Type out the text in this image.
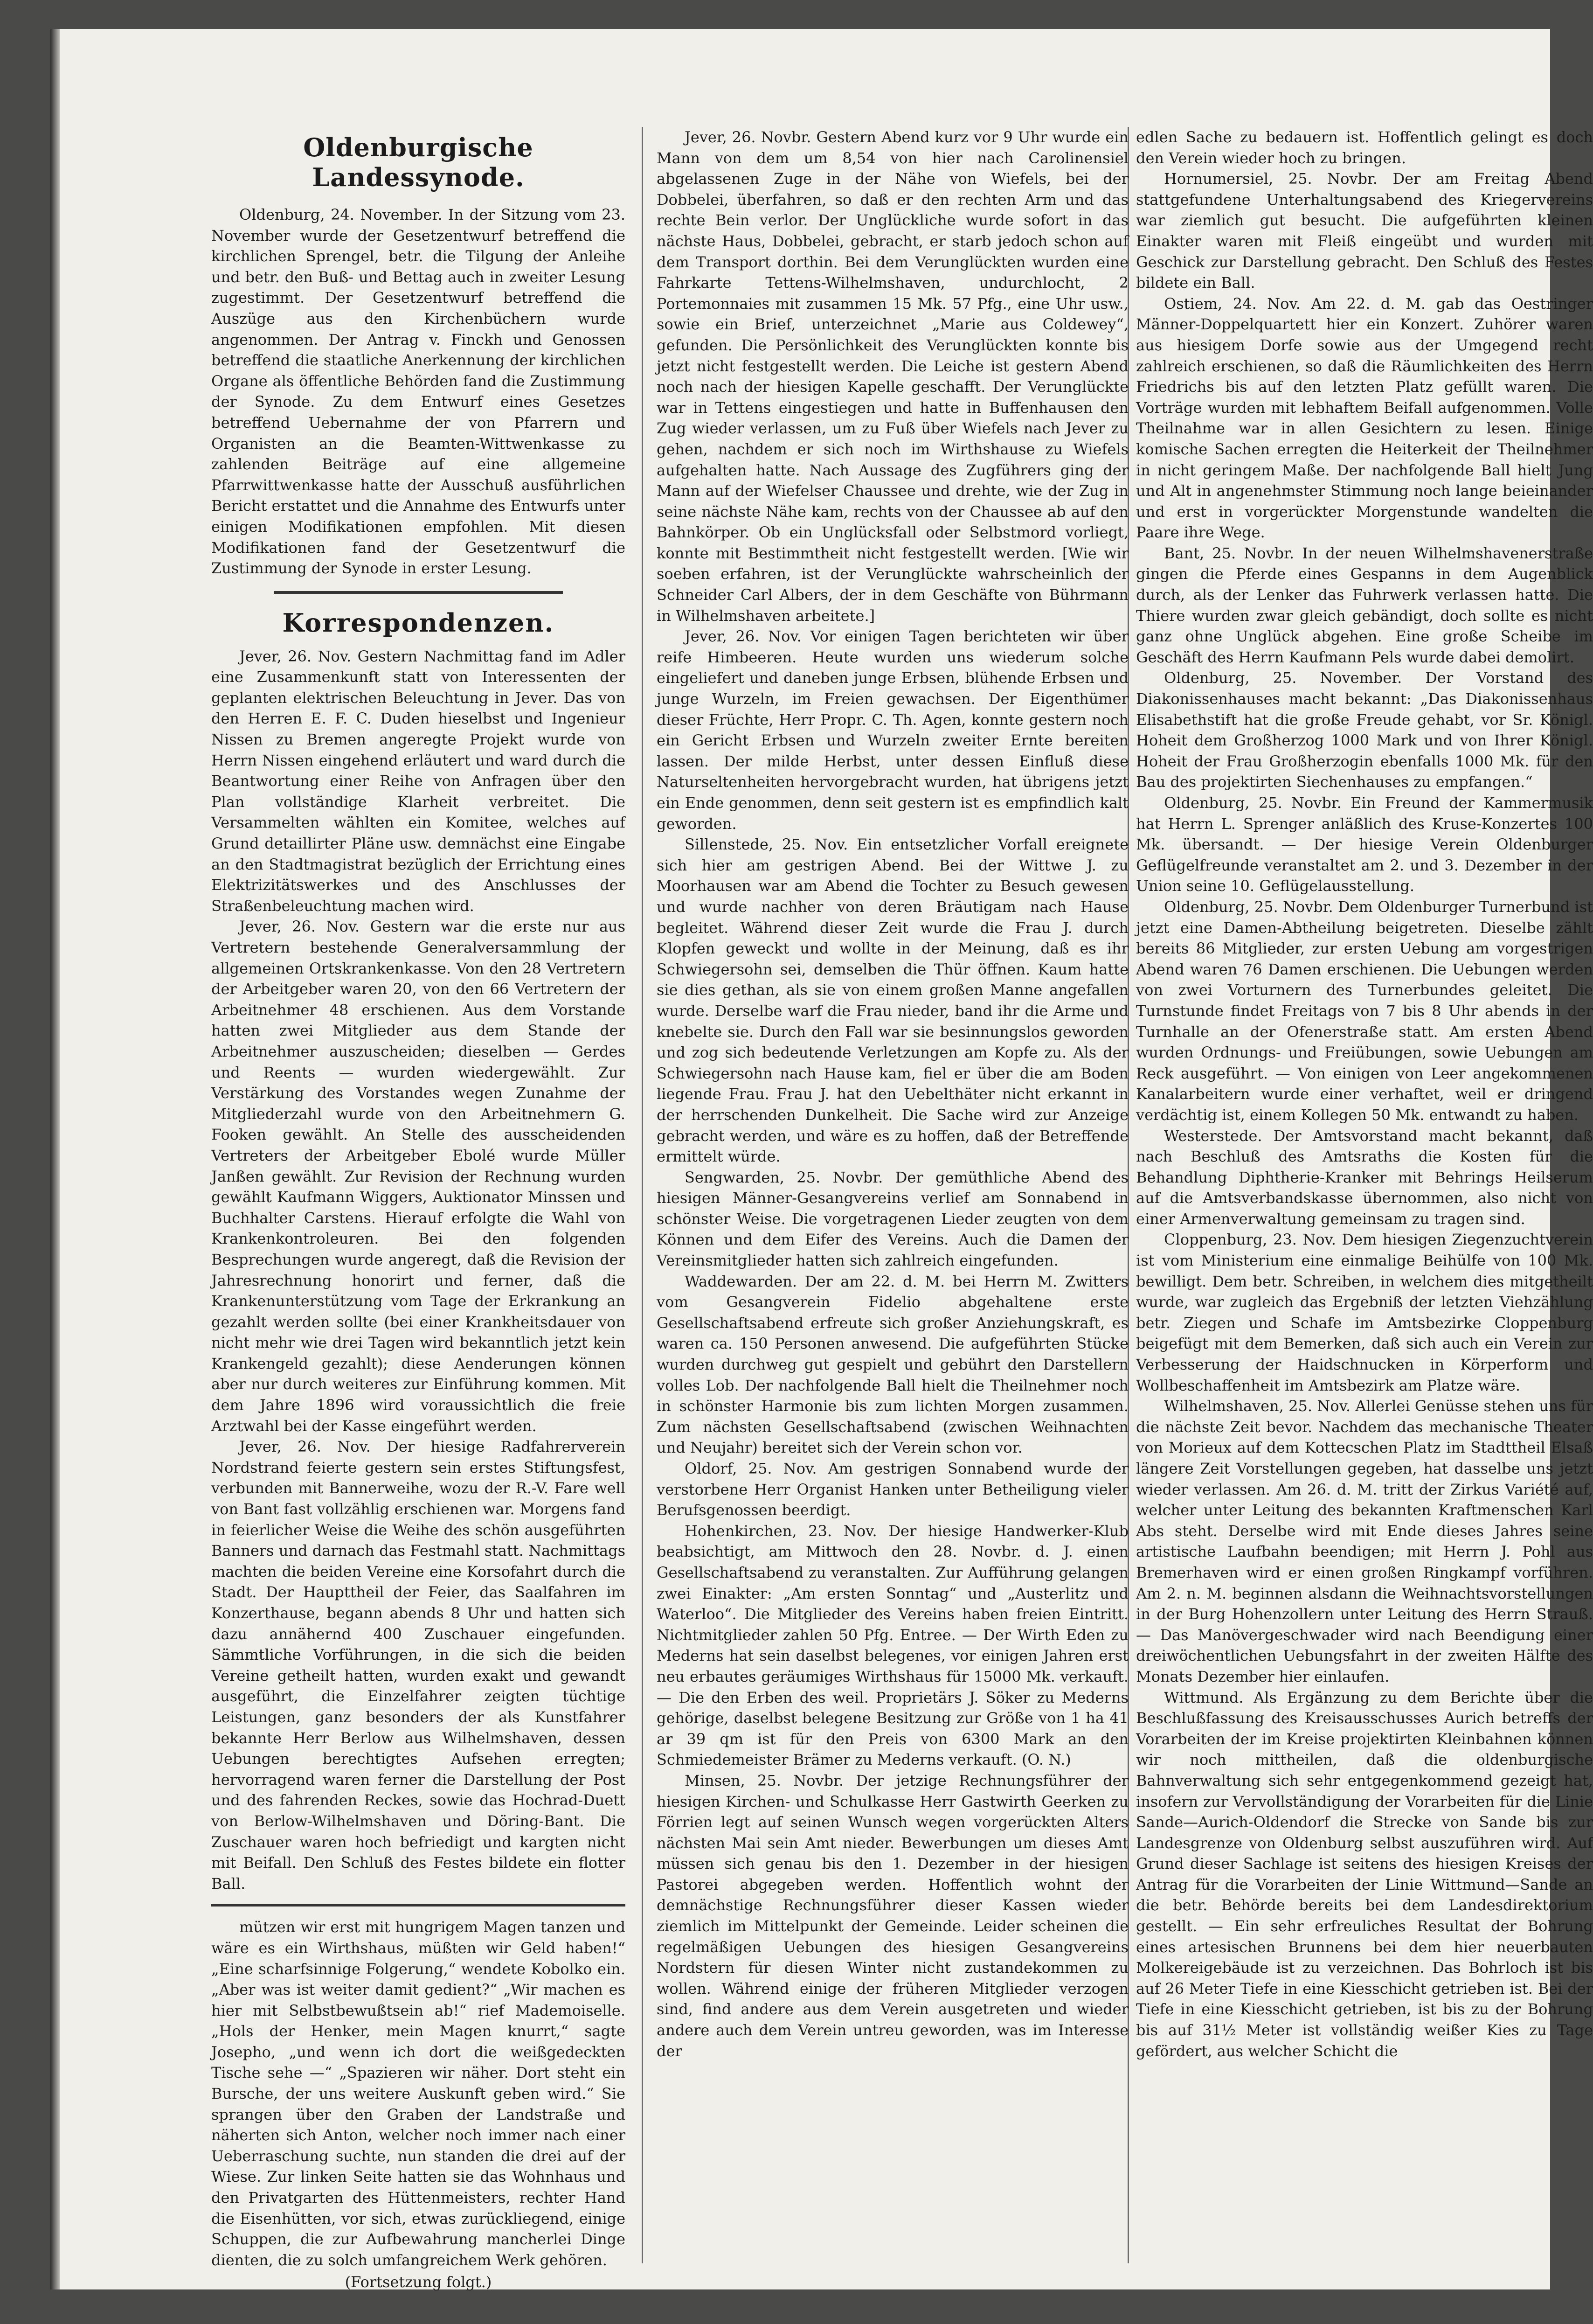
Oldenburgische Landessynode.

Oldenburg, 24. November. In der Sitzung vom 23. November wurde der Gesetzentwurf betreffend die kirchlichen Sprengel, betr. die Tilgung der Anleihe und betr. den Buß- und Bettag auch in zweiter Lesung zugestimmt. Der Gesetzentwurf betreffend die Auszüge aus den Kirchenbüchern wurde angenommen. Der Antrag v. Finckh und Genossen betreffend die staatliche Anerkennung der kirchlichen Organe als öffentliche Behörden fand die Zustimmung der Synode. Zu dem Entwurf eines Gesetzes betreffend Uebernahme der von Pfarrern und Organisten an die Beamten-Wittwenkasse zu zahlenden Beiträge auf eine allgemeine Pfarrwittwenkasse hatte der Ausschuß ausführlichen Bericht erstattet und die Annahme des Entwurfs unter einigen Modifikationen empfohlen. Mit diesen Modifikationen fand der Gesetzentwurf die Zustimmung der Synode in erster Lesung.

Korrespondenzen.

Jever, 26. Nov. Gestern Nachmittag fand im Adler eine Zusammenkunft statt von Interessenten der geplanten elektrischen Beleuchtung in Jever. Das von den Herren E. F. C. Duden hieselbst und Ingenieur Nissen zu Bremen angeregte Projekt wurde von Herrn Nissen eingehend erläutert und ward durch die Beantwortung einer Reihe von Anfragen über den Plan vollständige Klarheit verbreitet. Die Versammelten wählten ein Komitee, welches auf Grund detaillirter Pläne usw. demnächst eine Eingabe an den Stadtmagistrat bezüglich der Errichtung eines Elektrizitätswerkes und des Anschlusses der Straßenbeleuchtung machen wird.

Jever, 26. Nov. Gestern war die erste nur aus Vertretern bestehende Generalversammlung der allgemeinen Ortskrankenkasse. Von den 28 Vertretern der Arbeitgeber waren 20, von den 66 Vertretern der Arbeitnehmer 48 erschienen. Aus dem Vorstande hatten zwei Mitglieder aus dem Stande der Arbeitnehmer auszuscheiden; dieselben — Gerdes und Reents — wurden wiedergewählt. Zur Verstärkung des Vorstandes wegen Zunahme der Mitgliederzahl wurde von den Arbeitnehmern G. Fooken gewählt. An Stelle des ausscheidenden Vertreters der Arbeitgeber Ebolé wurde Müller Janßen gewählt. Zur Revision der Rechnung wurden gewählt Kaufmann Wiggers, Auktionator Minssen und Buchhalter Carstens. Hierauf erfolgte die Wahl von Krankenkontroleuren. Bei den folgenden Besprechungen wurde angeregt, daß die Revision der Jahresrechnung honorirt und ferner, daß die Krankenunterstützung vom Tage der Erkrankung an gezahlt werden sollte (bei einer Krankheitsdauer von nicht mehr wie drei Tagen wird bekanntlich jetzt kein Krankengeld gezahlt); diese Aenderungen können aber nur durch weiteres zur Einführung kommen. Mit dem Jahre 1896 wird voraussichtlich die freie Arztwahl bei der Kasse eingeführt werden.

Jever, 26. Nov. Der hiesige Radfahrerverein Nordstrand feierte gestern sein erstes Stiftungsfest, verbunden mit Bannerweihe, wozu der R.-V. Fare well von Bant fast vollzählig erschienen war. Morgens fand in feierlicher Weise die Weihe des schön ausgeführten Banners und darnach das Festmahl statt. Nachmittags machten die beiden Vereine eine Korsofahrt durch die Stadt. Der Haupttheil der Feier, das Saalfahren im Konzerthause, begann abends 8 Uhr und hatten sich dazu annähernd 400 Zuschauer eingefunden. Sämmtliche Vorführungen, in die sich die beiden Vereine getheilt hatten, wurden exakt und gewandt ausgeführt, die Einzelfahrer zeigten tüchtige Leistungen, ganz besonders der als Kunstfahrer bekannte Herr Berlow aus Wilhelmshaven, dessen Uebungen berechtigtes Aufsehen erregten; hervorragend waren ferner die Darstellung der Post und des fahrenden Reckes, sowie das Hochrad-Duett von Berlow-Wilhelmshaven und Döring-Bant. Die Zuschauer waren hoch befriedigt und kargten nicht mit Beifall. Den Schluß des Festes bildete ein flotter Ball.

mützen wir erst mit hungrigem Magen tanzen und wäre es ein Wirthshaus, müßten wir Geld haben!“ „Eine scharfsinnige Folgerung,“ wendete Kobolko ein. „Aber was ist weiter damit gedient?“ „Wir machen es hier mit Selbstbewußtsein ab!“ rief Mademoiselle. „Hols der Henker, mein Magen knurrt,“ sagte Josepho, „und wenn ich dort die weißgedeckten Tische sehe —“ „Spazieren wir näher. Dort steht ein Bursche, der uns weitere Auskunft geben wird.“ Sie sprangen über den Graben der Landstraße und näherten sich Anton, welcher noch immer nach einer Ueberraschung suchte, nun standen die drei auf der Wiese. Zur linken Seite hatten sie das Wohnhaus und den Privatgarten des Hüttenmeisters, rechter Hand die Eisenhütten, vor sich, etwas zurückliegend, einige Schuppen, die zur Aufbewahrung mancherlei Dinge dienten, die zu solch umfangreichem Werk gehören.

(Fortsetzung folgt.)

Jever, 26. Novbr. Gestern Abend kurz vor 9 Uhr wurde ein Mann von dem um 8,54 von hier nach Carolinensiel abgelassenen Zuge in der Nähe von Wiefels, bei der Dobbelei, überfahren, so daß er den rechten Arm und das rechte Bein verlor. Der Unglückliche wurde sofort in das nächste Haus, Dobbelei, gebracht, er starb jedoch schon auf dem Transport dorthin. Bei dem Verunglückten wurden eine Fahrkarte Tettens-Wilhelmshaven, undurchlocht, 2 Portemonnaies mit zusammen 15 Mk. 57 Pfg., eine Uhr usw., sowie ein Brief, unterzeichnet „Marie aus Coldewey“, gefunden. Die Persönlichkeit des Verunglückten konnte bis jetzt nicht festgestellt werden. Die Leiche ist gestern Abend noch nach der hiesigen Kapelle geschafft. Der Verunglückte war in Tettens eingestiegen und hatte in Buffenhausen den Zug wieder verlassen, um zu Fuß über Wiefels nach Jever zu gehen, nachdem er sich noch im Wirthshause zu Wiefels aufgehalten hatte. Nach Aussage des Zugführers ging der Mann auf der Wiefelser Chaussee und drehte, wie der Zug in seine nächste Nähe kam, rechts von der Chaussee ab auf den Bahnkörper. Ob ein Unglücksfall oder Selbstmord vorliegt, konnte mit Bestimmtheit nicht festgestellt werden. [Wie wir soeben erfahren, ist der Verunglückte wahrscheinlich der Schneider Carl Albers, der in dem Geschäfte von Bührmann in Wilhelmshaven arbeitete.]

Jever, 26. Nov. Vor einigen Tagen berichteten wir über reife Himbeeren. Heute wurden uns wiederum solche eingeliefert und daneben junge Erbsen, blühende Erbsen und junge Wurzeln, im Freien gewachsen. Der Eigenthümer dieser Früchte, Herr Propr. C. Th. Agen, konnte gestern noch ein Gericht Erbsen und Wurzeln zweiter Ernte bereiten lassen. Der milde Herbst, unter dessen Einfluß diese Naturseltenheiten hervorgebracht wurden, hat übrigens jetzt ein Ende genommen, denn seit gestern ist es empfindlich kalt geworden.

Sillenstede, 25. Nov. Ein entsetzlicher Vorfall ereignete sich hier am gestrigen Abend. Bei der Wittwe J. zu Moorhausen war am Abend die Tochter zu Besuch gewesen und wurde nachher von deren Bräutigam nach Hause begleitet. Während dieser Zeit wurde die Frau J. durch Klopfen geweckt und wollte in der Meinung, daß es ihr Schwiegersohn sei, demselben die Thür öffnen. Kaum hatte sie dies gethan, als sie von einem großen Manne angefallen wurde. Derselbe warf die Frau nieder, band ihr die Arme und knebelte sie. Durch den Fall war sie besinnungslos geworden und zog sich bedeutende Verletzungen am Kopfe zu. Als der Schwiegersohn nach Hause kam, fiel er über die am Boden liegende Frau. Frau J. hat den Uebelthäter nicht erkannt in der herrschenden Dunkelheit. Die Sache wird zur Anzeige gebracht werden, und wäre es zu hoffen, daß der Betreffende ermittelt würde.

Sengwarden, 25. Novbr. Der gemüthliche Abend des hiesigen Männer-Gesangvereins verlief am Sonnabend in schönster Weise. Die vorgetragenen Lieder zeugten von dem Können und dem Eifer des Vereins. Auch die Damen der Vereinsmitglieder hatten sich zahlreich eingefunden.

Waddewarden. Der am 22. d. M. bei Herrn M. Zwitters vom Gesangverein Fidelio abgehaltene erste Gesellschaftsabend erfreute sich großer Anziehungskraft, es waren ca. 150 Personen anwesend. Die aufgeführten Stücke wurden durchweg gut gespielt und gebührt den Darstellern volles Lob. Der nachfolgende Ball hielt die Theilnehmer noch in schönster Harmonie bis zum lichten Morgen zusammen. Zum nächsten Gesellschaftsabend (zwischen Weihnachten und Neujahr) bereitet sich der Verein schon vor.

Oldorf, 25. Nov. Am gestrigen Sonnabend wurde der verstorbene Herr Organist Hanken unter Betheiligung vieler Berufsgenossen beerdigt.

Hohenkirchen, 23. Nov. Der hiesige Handwerker-Klub beabsichtigt, am Mittwoch den 28. Novbr. d. J. einen Gesellschaftsabend zu veranstalten. Zur Aufführung gelangen zwei Einakter: „Am ersten Sonntag“ und „Austerlitz und Waterloo“. Die Mitglieder des Vereins haben freien Eintritt. Nichtmitglieder zahlen 50 Pfg. Entree. — Der Wirth Eden zu Mederns hat sein daselbst belegenes, vor einigen Jahren erst neu erbautes geräumiges Wirthshaus für 15000 Mk. verkauft. — Die den Erben des weil. Proprietärs J. Söker zu Mederns gehörige, daselbst belegene Besitzung zur Größe von 1 ha 41 ar 39 qm ist für den Preis von 6300 Mark an den Schmiedemeister Brämer zu Mederns verkauft. (O. N.)

Minsen, 25. Novbr. Der jetzige Rechnungsführer der hiesigen Kirchen- und Schulkasse Herr Gastwirth Geerken zu Förrien legt auf seinen Wunsch wegen vorgerückten Alters nächsten Mai sein Amt nieder. Bewerbungen um dieses Amt müssen sich genau bis den 1. Dezember in der hiesigen Pastorei abgegeben werden. Hoffentlich wohnt der demnächstige Rechnungsführer dieser Kassen wieder ziemlich im Mittelpunkt der Gemeinde. Leider scheinen die regelmäßigen Uebungen des hiesigen Gesangvereins Nordstern für diesen Winter nicht zustandekommen zu wollen. Während einige der früheren Mitglieder verzogen sind, find andere aus dem Verein ausgetreten und wieder andere auch dem Verein untreu geworden, was im Interesse der

edlen Sache zu bedauern ist. Hoffentlich gelingt es doch den Verein wieder hoch zu bringen.

Hornumersiel, 25. Novbr. Der am Freitag Abend stattgefundene Unterhaltungsabend des Kriegervereins war ziemlich gut besucht. Die aufgeführten kleinen Einakter waren mit Fleiß eingeübt und wurden mit Geschick zur Darstellung gebracht. Den Schluß des Festes bildete ein Ball.

Ostiem, 24. Nov. Am 22. d. M. gab das Oestringer Männer-Doppelquartett hier ein Konzert. Zuhörer waren aus hiesigem Dorfe sowie aus der Umgegend recht zahlreich erschienen, so daß die Räumlichkeiten des Herrn Friedrichs bis auf den letzten Platz gefüllt waren. Die Vorträge wurden mit lebhaftem Beifall aufgenommen. Volle Theilnahme war in allen Gesichtern zu lesen. Einige komische Sachen erregten die Heiterkeit der Theilnehmer in nicht geringem Maße. Der nachfolgende Ball hielt Jung und Alt in angenehmster Stimmung noch lange beieinander und erst in vorgerückter Morgenstunde wandelten die Paare ihre Wege.

Bant, 25. Novbr. In der neuen Wilhelmshavenerstraße gingen die Pferde eines Gespanns in dem Augenblick durch, als der Lenker das Fuhrwerk verlassen hatte. Die Thiere wurden zwar gleich gebändigt, doch sollte es nicht ganz ohne Unglück abgehen. Eine große Scheibe im Geschäft des Herrn Kaufmann Pels wurde dabei demolirt.

Oldenburg, 25. November. Der Vorstand des Diakonissenhauses macht bekannt: „Das Diakonissenhaus Elisabethstift hat die große Freude gehabt, vor Sr. Königl. Hoheit dem Großherzog 1000 Mark und von Ihrer Königl. Hoheit der Frau Großherzogin ebenfalls 1000 Mk. für den Bau des projektirten Siechenhauses zu empfangen.“

Oldenburg, 25. Novbr. Ein Freund der Kammermusik hat Herrn L. Sprenger anläßlich des Kruse-Konzertes 100 Mk. übersandt. — Der hiesige Verein Oldenburger Geflügelfreunde veranstaltet am 2. und 3. Dezember in der Union seine 10. Geflügelausstellung.

Oldenburg, 25. Novbr. Dem Oldenburger Turnerbund ist jetzt eine Damen-Abtheilung beigetreten. Dieselbe zählt bereits 86 Mitglieder, zur ersten Uebung am vorgestrigen Abend waren 76 Damen erschienen. Die Uebungen werden von zwei Vorturnern des Turnerbundes geleitet. Die Turnstunde findet Freitags von 7 bis 8 Uhr abends in der Turnhalle an der Ofenerstraße statt. Am ersten Abend wurden Ordnungs- und Freiübungen, sowie Uebungen am Reck ausgeführt. — Von einigen von Leer angekommenen Kanalarbeitern wurde einer verhaftet, weil er dringend verdächtig ist, einem Kollegen 50 Mk. entwandt zu haben.

Westerstede. Der Amtsvorstand macht bekannt, daß nach Beschluß des Amtsraths die Kosten für die Behandlung Diphtherie-Kranker mit Behrings Heilserum auf die Amtsverbandskasse übernommen, also nicht von einer Armenverwaltung gemeinsam zu tragen sind.

Cloppenburg, 23. Nov. Dem hiesigen Ziegenzuchtverein ist vom Ministerium eine einmalige Beihülfe von 100 Mk. bewilligt. Dem betr. Schreiben, in welchem dies mitgetheilt wurde, war zugleich das Ergebniß der letzten Viehzählung betr. Ziegen und Schafe im Amtsbezirke Cloppenburg beigefügt mit dem Bemerken, daß sich auch ein Verein zur Verbesserung der Haidschnucken in Körperform und Wollbeschaffenheit im Amtsbezirk am Platze wäre.

Wilhelmshaven, 25. Nov. Allerlei Genüsse stehen uns für die nächste Zeit bevor. Nachdem das mechanische Theater von Morieux auf dem Kottecschen Platz im Stadttheil Elsaß längere Zeit Vorstellungen gegeben, hat dasselbe uns jetzt wieder verlassen. Am 26. d. M. tritt der Zirkus Variété auf, welcher unter Leitung des bekannten Kraftmenschen Karl Abs steht. Derselbe wird mit Ende dieses Jahres seine artistische Laufbahn beendigen; mit Herrn J. Pohl aus Bremerhaven wird er einen großen Ringkampf vorführen. Am 2. n. M. beginnen alsdann die Weihnachtsvorstellungen in der Burg Hohenzollern unter Leitung des Herrn Strauß. — Das Manövergeschwader wird nach Beendigung einer dreiwöchentlichen Uebungsfahrt in der zweiten Hälfte des Monats Dezember hier einlaufen.

Wittmund. Als Ergänzung zu dem Berichte über die Beschlußfassung des Kreisausschusses Aurich betreffs der Vorarbeiten der im Kreise projektirten Kleinbahnen können wir noch mittheilen, daß die oldenburgische Bahnverwaltung sich sehr entgegenkommend gezeigt hat, insofern zur Vervollständigung der Vorarbeiten für die Linie Sande—Aurich-Oldendorf die Strecke von Sande bis zur Landesgrenze von Oldenburg selbst auszuführen wird. Auf Grund dieser Sachlage ist seitens des hiesigen Kreises der Antrag für die Vorarbeiten der Linie Wittmund—Sande an die betr. Behörde bereits bei dem Landesdirektorium gestellt. — Ein sehr erfreuliches Resultat der Bohrung eines artesischen Brunnens bei dem hier neuerbauten Molkereigebäude ist zu verzeichnen. Das Bohrloch ist bis auf 26 Meter Tiefe in eine Kiesschicht getrieben ist. Bei der Tiefe in eine Kiesschicht getrieben, ist bis zu der Bohrung bis auf 31½ Meter ist vollständig weißer Kies zu Tage gefördert, aus welcher Schicht die
